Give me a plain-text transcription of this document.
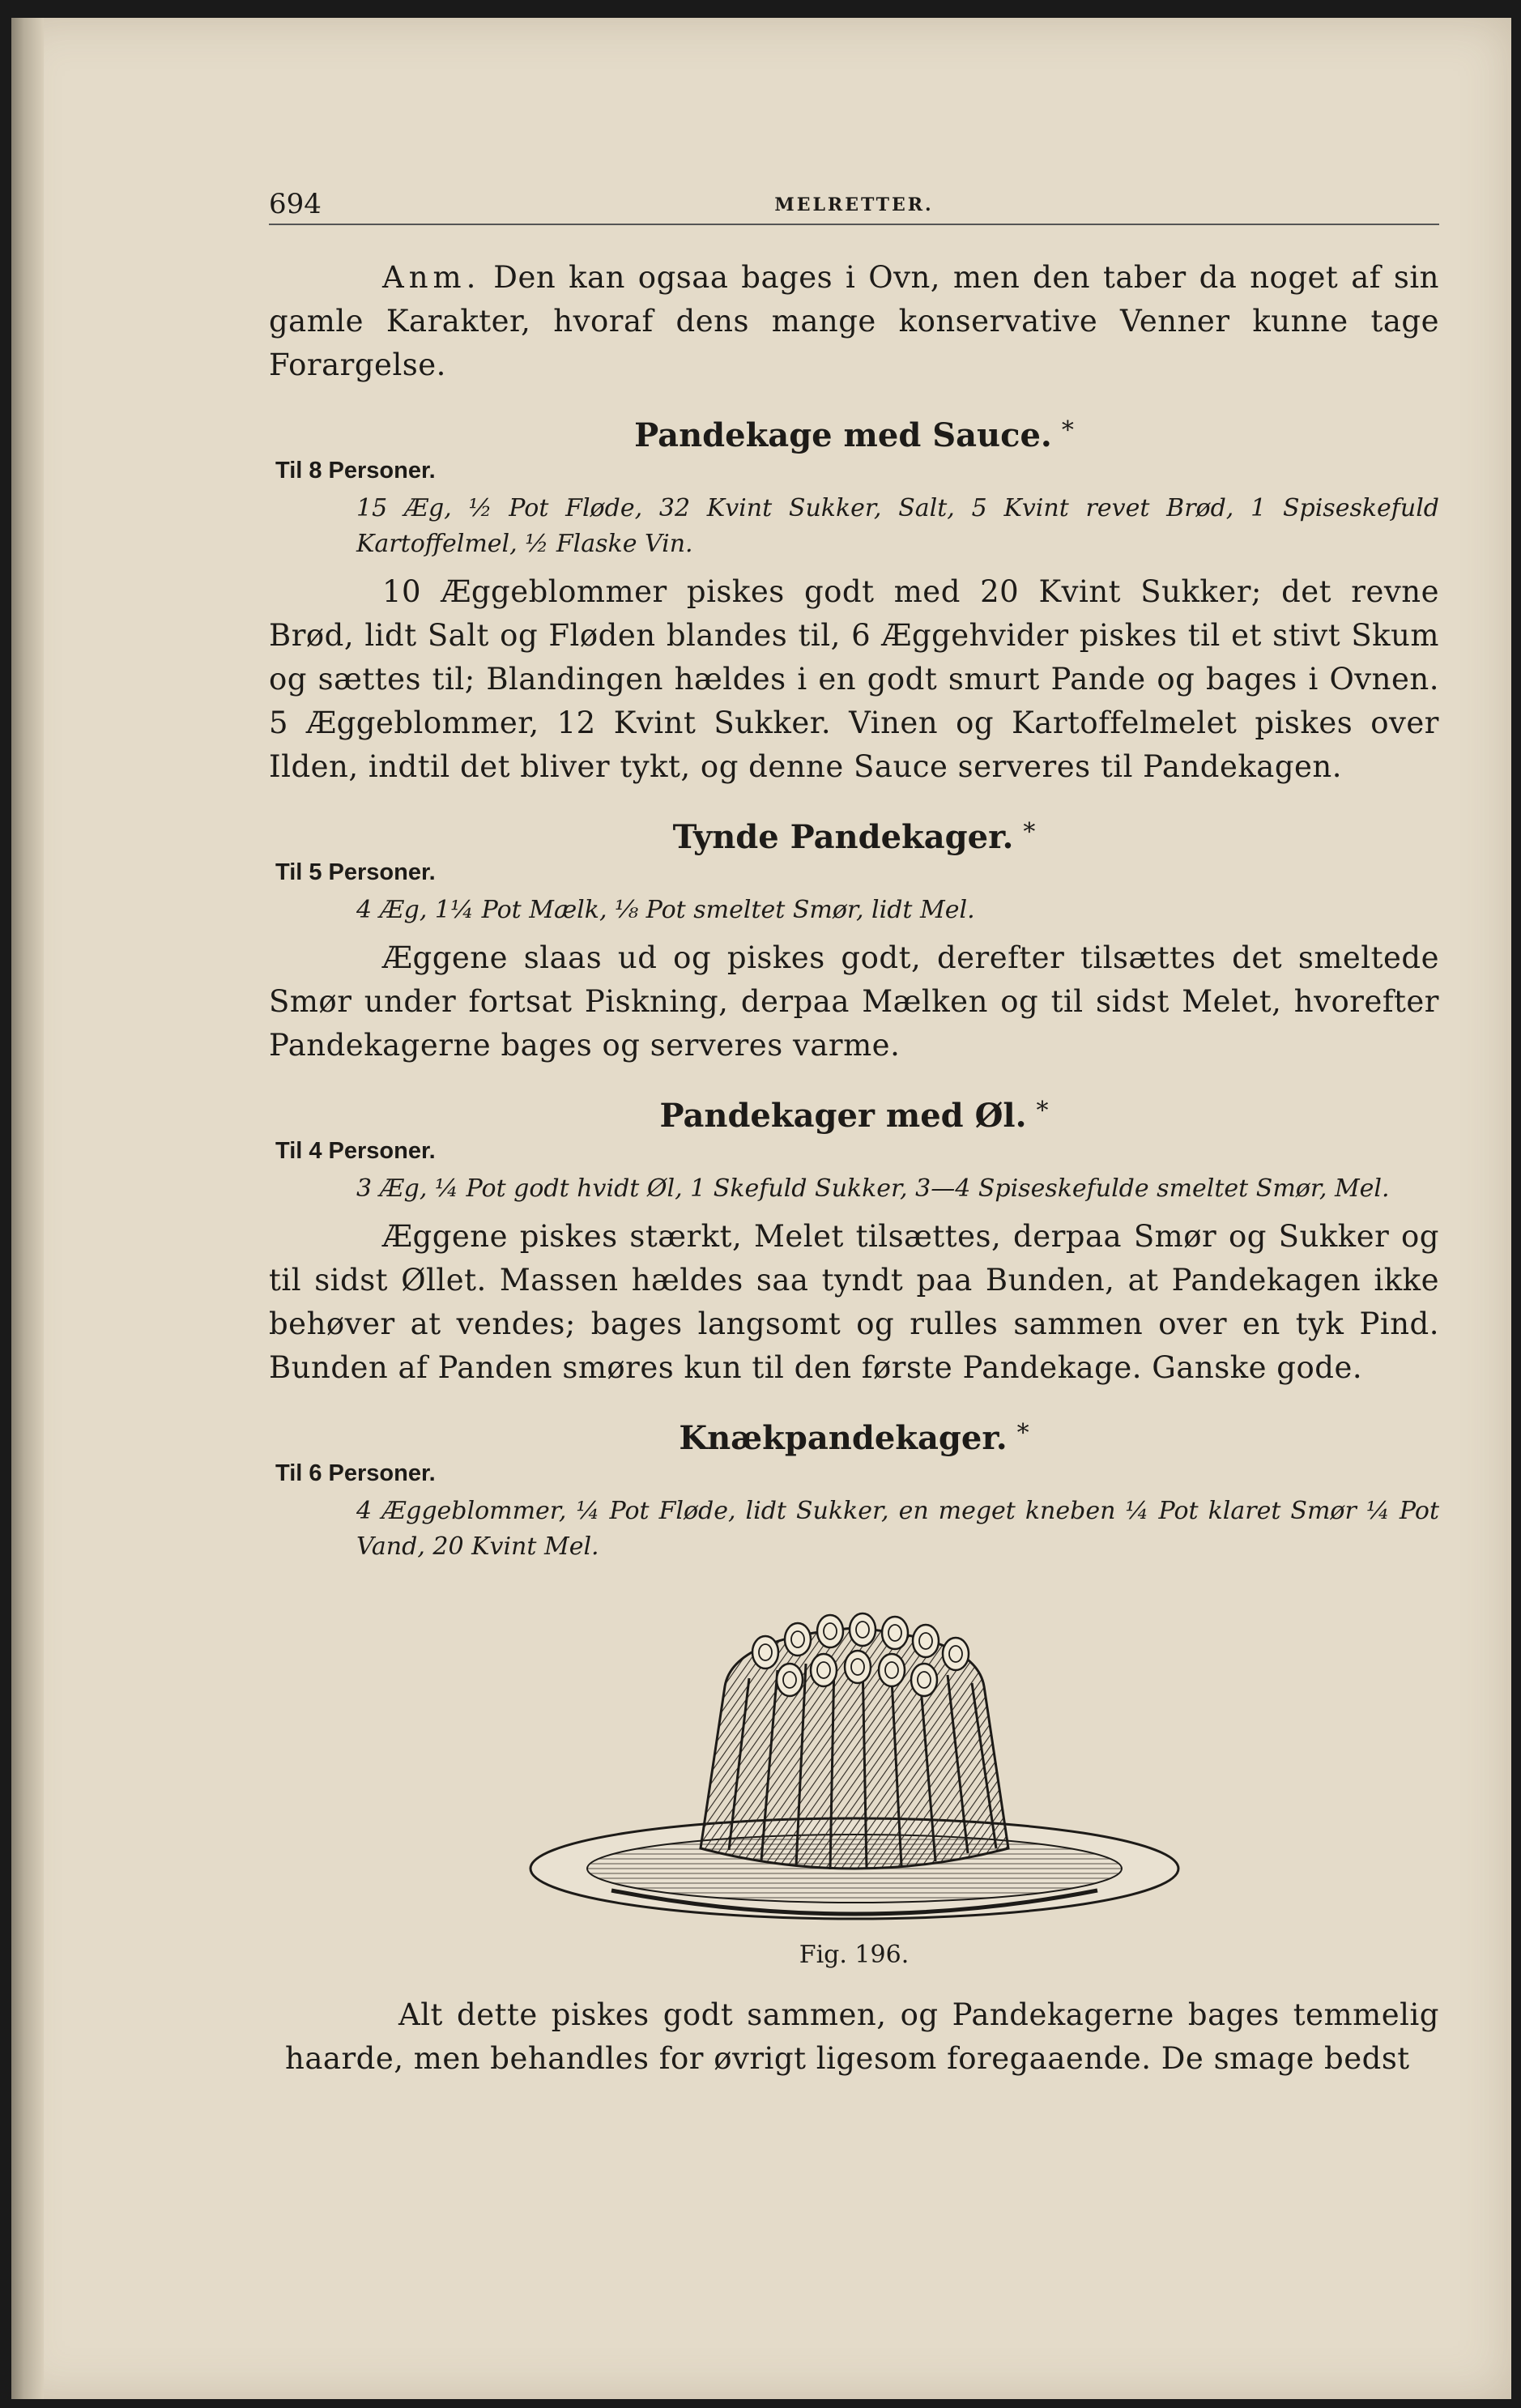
694	MELRETTER.

Anm. Den kan ogsaa bages i Ovn, men den taber da noget af sin gamle Karakter, hvoraf dens mange konservative Venner kunne tage Forargelse.

Pandekage med Sauce. *

Til 8 Personer.

15 Æg, ½ Pot Fløde, 32 Kvint Sukker, Salt, 5 Kvint revet Brød, 1 Spiseskefuld Kartoffelmel, ½ Flaske Vin.

10 Æggeblommer piskes godt med 20 Kvint Sukker; det revne Brød, lidt Salt og Fløden blandes til, 6 Æggehvider piskes til et stivt Skum og sættes til; Blandingen hældes i en godt smurt Pande og bages i Ovnen. 5 Æggeblommer, 12 Kvint Sukker. Vinen og Kartoffelmelet piskes over Ilden, indtil det bliver tykt, og denne Sauce serveres til Pandekagen.

Tynde Pandekager. *

Til 5 Personer.

4 Æg, 1¼ Pot Mælk, ⅛ Pot smeltet Smør, lidt Mel.

Æggene slaas ud og piskes godt, derefter tilsættes det smeltede Smør under fortsat Piskning, derpaa Mælken og til sidst Melet, hvorefter Pandekagerne bages og serveres varme.

Pandekager med Øl. *

Til 4 Personer.

3 Æg, ¼ Pot godt hvidt Øl, 1 Skefuld Sukker, 3—4 Spiseskefulde smeltet Smør, Mel.

Æggene piskes stærkt, Melet tilsættes, derpaa Smør og Sukker og til sidst Øllet. Massen hældes saa tyndt paa Bunden, at Pandekagen ikke behøver at vendes; bages langsomt og rulles sammen over en tyk Pind. Bunden af Panden smøres kun til den første Pandekage. Ganske gode.

Knækpandekager. *

Til 6 Personer.

4 Æggeblommer, ¼ Pot Fløde, lidt Sukker, en meget kneben ¼ Pot klaret Smør ¼ Pot Vand, 20 Kvint Mel.

Fig. 196.

Alt dette piskes godt sammen, og Pandekagerne bages temmelig haarde, men behandles for øvrigt ligesom foregaaende. De smage bedst
